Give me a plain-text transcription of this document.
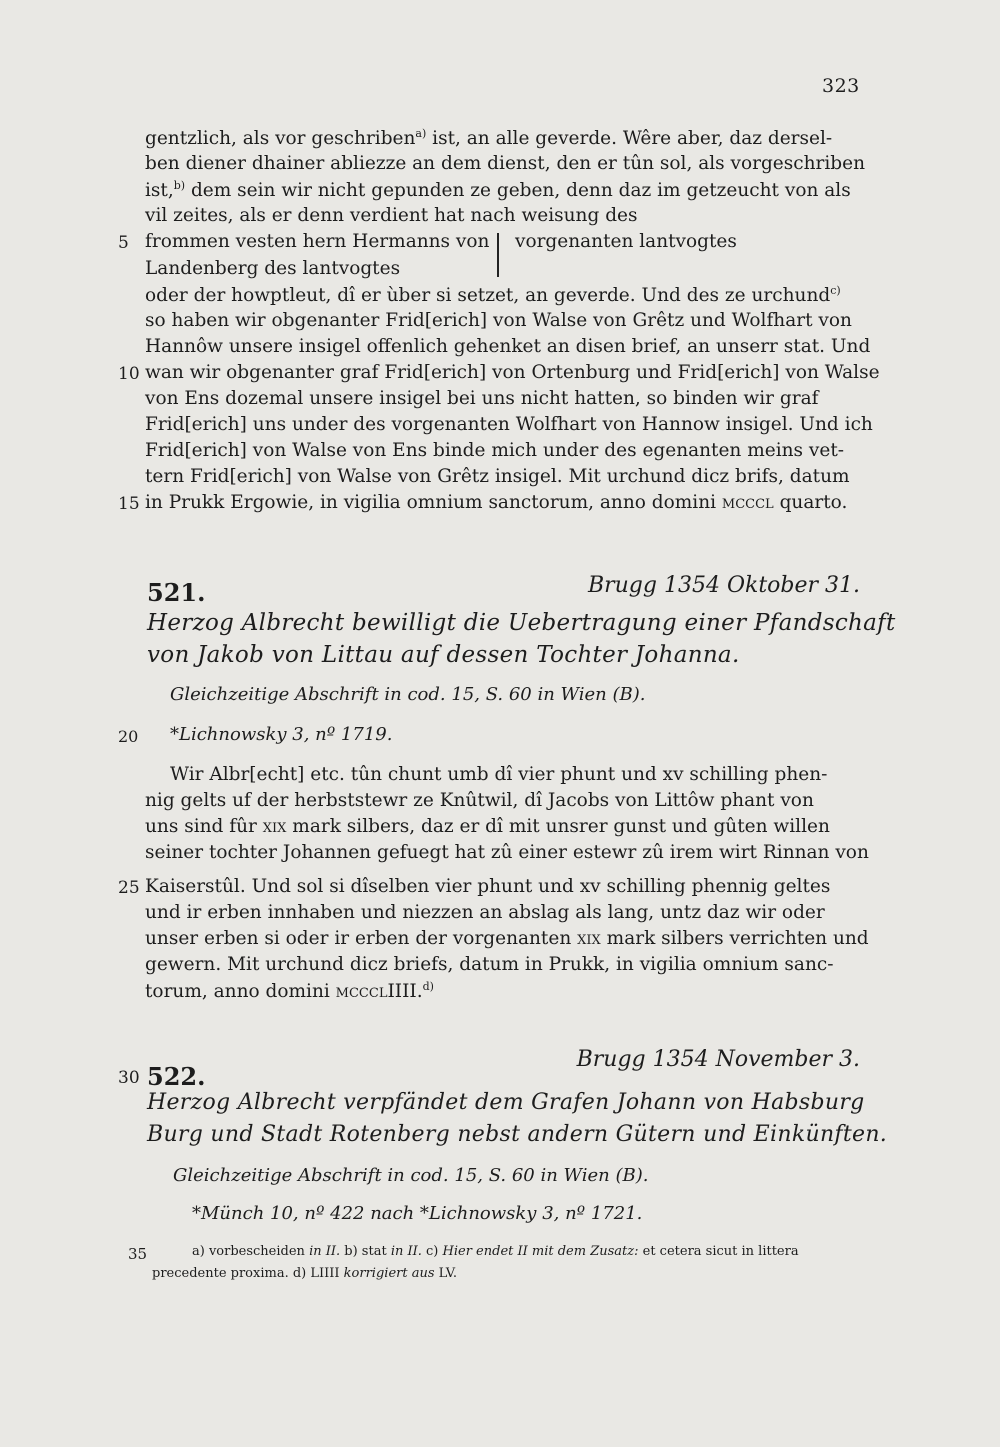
323
gentzlich, als vor geschriben$^{a)}$ ist, an alle geverde. Wêre aber, daz dersel-
ben diener dhainer abliezze an dem dienst, den er tûn sol, als vorgeschriben
ist,$^{b)}$ dem sein wir nicht gepunden ze geben, denn daz im getzeucht von als
vil zeites, als er denn verdient hat nach weisung des
5 frommen vesten hern Hermanns von vorgenanten lantvogtes
Landenberg des lantvogtes
oder der howptleut, dî er ùber si setzet, an geverde. Und des ze urchund$^{c)}$
so haben wir obgenanter Frid[erich] von Walse von Grêtz und Wolfhart von
Hannôw unsere insigel offenlich gehenket an disen brief, an unserr stat. Und
10 wan wir obgenanter graf Frid[erich] von Ortenburg und Frid[erich] von Walse
von Ens dozemal unsere insigel bei uns nicht hatten, so binden wir graf
Frid[erich] uns under des vorgenanten Wolfhart von Hannow insigel. Und ich
Frid[erich] von Walse von Ens binde mich under des egenanten meins vet-
tern Frid[erich] von Walse von Grêtz insigel. Mit urchund dicz brifs, datum
15 in Prukk Ergowie, in vigilia omnium sanctorum, anno domini mcccl quarto.
521.	Brugg 1354 Oktober 31.
Herzog Albrecht bewilligt die Uebertragung einer Pfandschaft
von Jakob von Littau auf dessen Tochter Johanna.
Gleichzeitige Abschrift in cod. 15, S. 60 in Wien (B).
20 *Lichnowsky 3, nº 1719.
Wir Albr[echt] etc. tûn chunt umb dî vier phunt und xv schilling phen-
nig gelts uf der herbststewr ze Knûtwil, dî Jacobs von Littôw phant von
uns sind fûr xix mark silbers, daz er dî mit unsrer gunst und gûten willen
seiner tochter Johannen gefuegt hat zû einer estewr zû irem wirt Rinnan von
25 Kaiserstûl. Und sol si dîselben vier phunt und xv schilling phennig geltes
und ir erben innhaben und niezzen an abslag als lang, untz daz wir oder
unser erben si oder ir erben der vorgenanten xix mark silbers verrichten und
gewern. Mit urchund dicz briefs, datum in Prukk, in vigilia omnium sanc-
torum, anno domini mccclIIII.$^{d)}$
30 522.
Brugg 1354 November 3.
Herzog Albrecht verpfändet dem Grafen Johann von Habsburg
Burg und Stadt Rotenberg nebst andern Gütern und Einkünften.
Gleichzeitige Abschrift in cod. 15, S. 60 in Wien (B).
*Münch 10, nº 422 nach *Lichnowsky 3, nº 1721.
35	a) vorbescheiden in II. b) stat in II. c) Hier endet II mit dem Zusatz: et cetera sicut in littera
precedente proxima. d) LIIII korrigiert aus LV.
